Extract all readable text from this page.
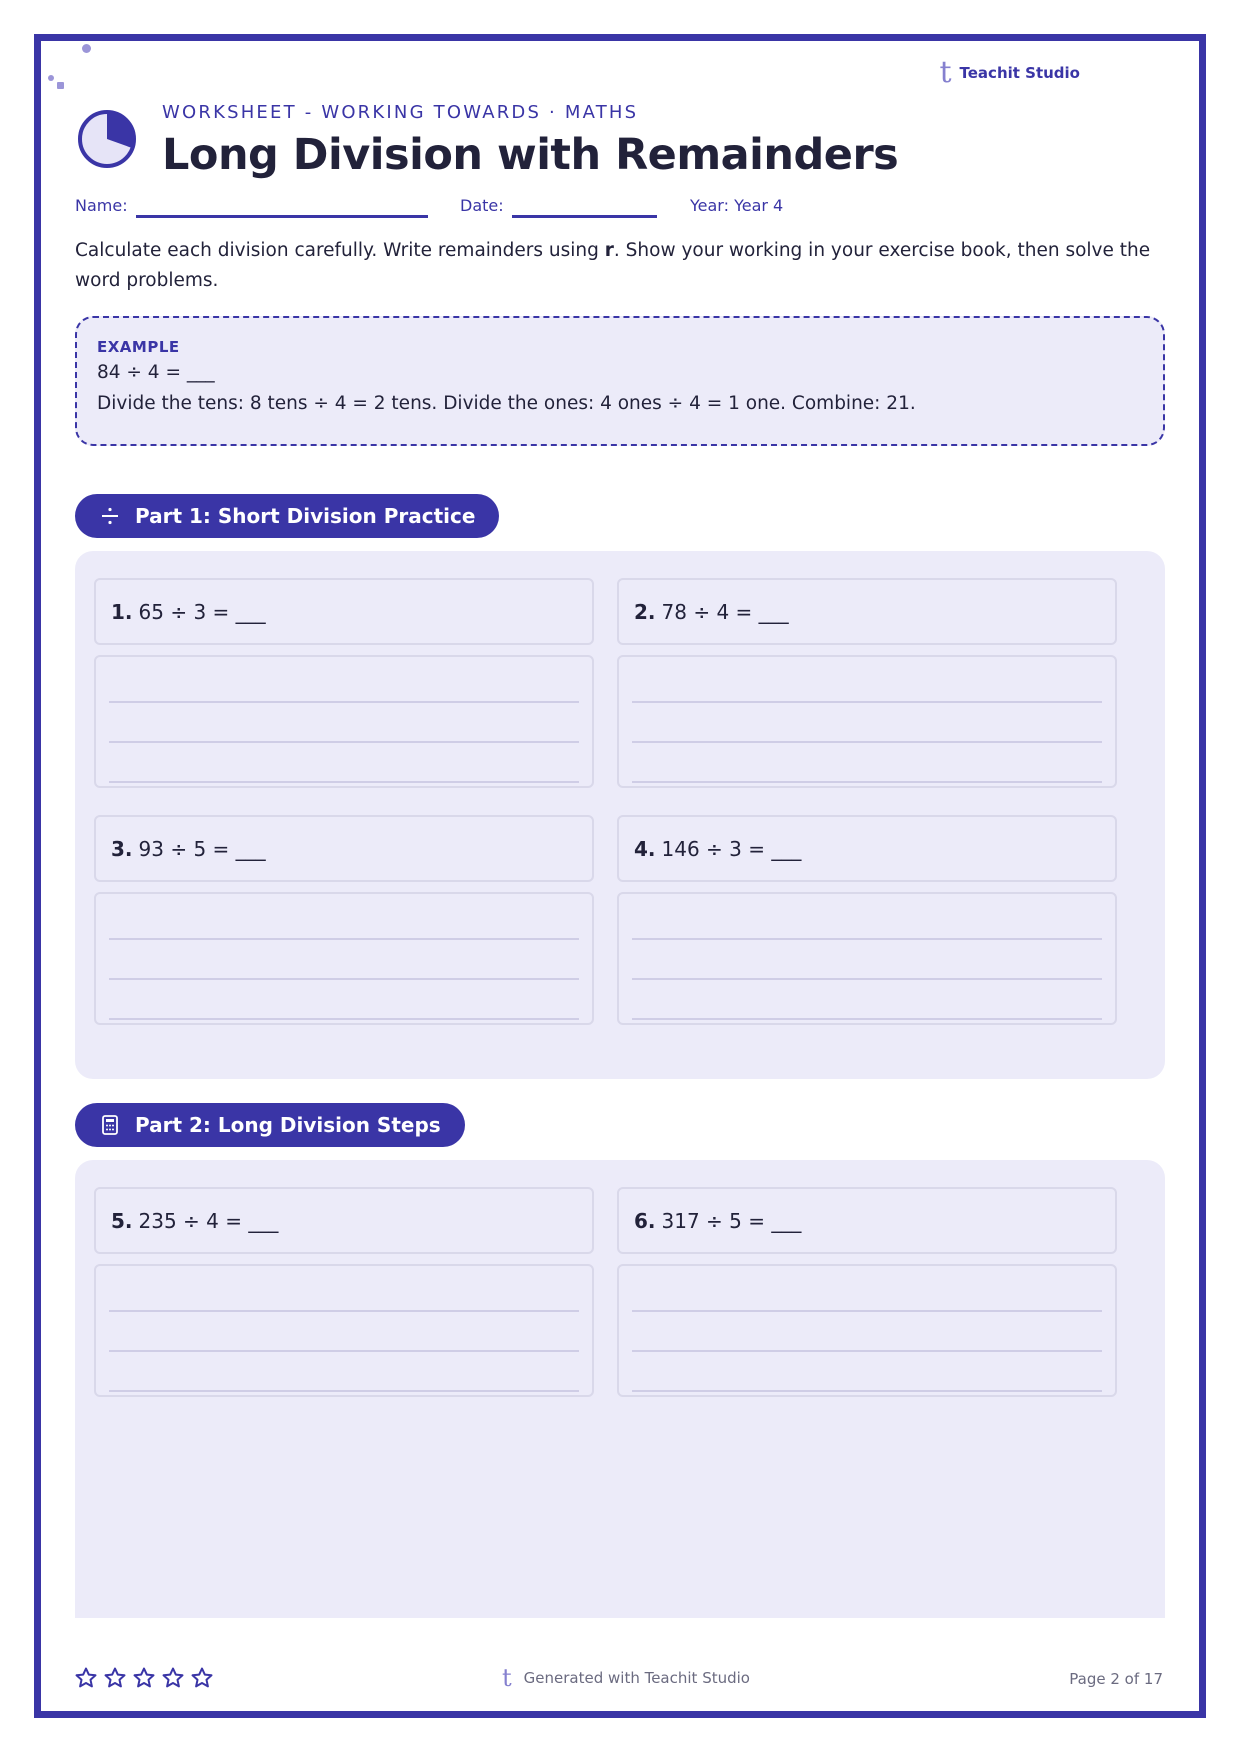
t Teachit Studio
WORKSHEET - WORKING TOWARDS · MATHS
Long Division with Remainders
Name:	Date:	Year: Year 4
Calculate each division carefully. Write remainders using r. Show your working in your exercise book, then solve the word problems.
EXAMPLE
84 ÷ 4 = ___
Divide the tens: 8 tens ÷ 4 = 2 tens. Divide the ones: 4 ones ÷ 4 = 1 one. Combine: 21.
Part 1: Short Division Practice
1. 65 ÷ 3 = ___	2. 78 ÷ 4 = ___
3. 93 ÷ 5 = ___	4. 146 ÷ 3 = ___
Part 2: Long Division Steps
5. 235 ÷ 4 = ___	6. 317 ÷ 5 = ___
t Generated with Teachit Studio	Page 2 of 17
